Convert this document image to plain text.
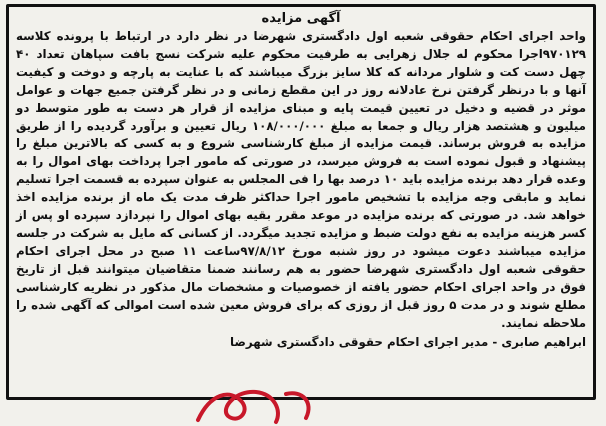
آگهی مزایده

واحد اجرای احکام حقوقی شعبه اول دادگستری شهرضا در نظر دارد در ارتباط با پرونده کلاسه ۹۷۰۱۲۹اجرا محکوم له جلال زهرایی به طرفیت محکوم علیه شرکت نسج بافت سپاهان تعداد ۴۰ چهل دست کت و شلوار مردانه که کلا سایز بزرگ میباشند که با عنایت به پارچه و دوخت و کیفیت آنها و با درنظر گرفتن نرخ عادلانه روز در این مقطع زمانی و در نظر گرفتن جمیع جهات و عوامل موثر در قضیه و دخیل در تعیین قیمت پایه و مبنای مزایده از قرار هر دست به طور متوسط دو میلیون و هشتصد هزار ریال و جمعا به مبلغ ۱۰۸/۰۰۰/۰۰۰ ریال تعیین و برآورد گردیده را از طریق مزایده به فروش برساند. قیمت مزایده از مبلغ کارشناسی شروع و به کسی که بالاترین مبلغ را پیشنهاد و قبول نموده است به فروش میرسد، در صورتی که مامور اجرا پرداخت بهای اموال را به وعده قرار دهد برنده مزایده باید ۱۰ درصد بها را فی المجلس به عنوان سپرده به قسمت اجرا تسلیم نماید و مابقی وجه مزایده با تشخیص مامور اجرا حداکثر ظرف مدت یک ماه از برنده مزایده اخذ خواهد شد. در صورتی که برنده مزایده در موعد مقرر بقیه بهای اموال را نپردازد سپرده او پس از کسر هزینه مزایده به نفع دولت ضبط و مزایده تجدید میگردد. از کسانی که مایل به شرکت در جلسه مزایده میباشند دعوت میشود در روز شنبه مورخ ۹۷/۸/۱۲ساعت ۱۱ صبح در محل اجرای احکام حقوقی شعبه اول دادگستری شهرضا حضور به هم رسانند ضمنا متقاضیان میتوانند قبل از تاریخ فوق در واحد اجرای احکام حضور یافته از خصوصیات و مشخصات مال مذکور در نظریه کارشناسی مطلع شوند و در مدت ۵ روز قبل از روزی که برای فروش معین شده است اموالی که آگهی شده را ملاحظه نمایند.

ابراهیم صابری - مدیر اجرای احکام حقوقی دادگستری شهرضا
